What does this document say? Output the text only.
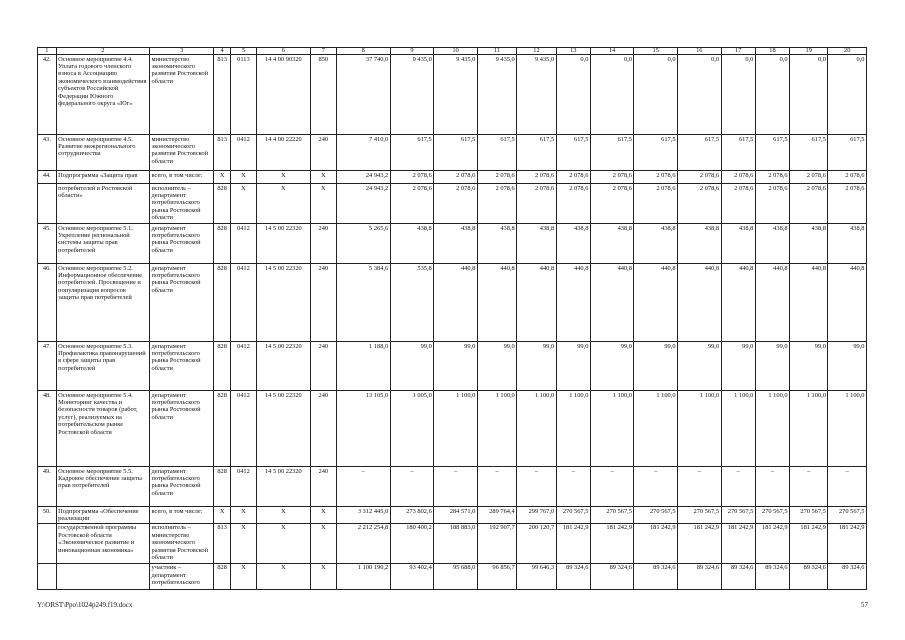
1	2	3	4	5	6	7	8	9	10	11	12	13	14	15	16	17	18	19	20
42.	Основное мероприятие 4.4. Уплата годового членского взноса в Ассоциацию экономического взаимодействия субъектов Российской Федерации Южного федерального округа «Юг»	министерство экономического развития Ростовской области	813	0113	14 4 00 90320	850	37 740,0	9 435,0	9 435,0	9 435,0	9 435,0	0,0	0,0	0,0	0,0	0,0	0,0	0,0	0,0
43.	Основное мероприятие 4.5. Развитие межрегионального сотрудничества	министерство экономического развития Ростовской области	813	0412	14 4 00 22220	240	7 410,0	617,5	617,5	617,5	617,5	617,5	617,5	617,5	617,5	617,5	617,5	617,5	617,5
44.	Подпрограмма «Защита прав	всего, в том числе:	Х	Х	Х	Х	24 943,2	2 078,6	2 078,6	2 078,6	2 078,6	2 078,6	2 078,6	2 078,6	2 078,6	2 078,6	2 078,6	2 078,6	2 078,6
	потребителей в Ростовской области»	исполнитель – департамент потребительского рынка Ростовской области	828	Х	Х	Х	24 943,2	2 078,6	2 078,6	2 078,6	2 078,6	2 078,6	2 078,6	2 078,6	2 078,6	2 078,6	2 078,6	2 078,6	2 078,6
45.	Основное мероприятие 5.1. Укрепление региональной системы защиты прав потребителей	департамент потребительского рынка Ростовской области	828	0412	14 5 00 22320	240	5 265,6	438,8	438,8	438,8	438,8	438,8	438,8	438,8	438,8	438,8	438,8	438,8	438,8
46.	Основное мероприятие 5.2. Информационное обеспечение потребителей. Просвещение и популяризация вопросов защиты прав потребителей	департамент потребительского рынка Ростовской области	828	0412	14 5 00 22320	240	5 384,6	535,8	440,8	440,8	440,8	440,8	440,8	440,8	440,8	440,8	440,8	440,8	440,8
47.	Основное мероприятие 5.3. Профилактика правонарушений в сфере защиты прав потребителей	департамент потребительского рынка Ростовской области	828	0412	14 5 00 22320	240	1 188,0	99,0	99,0	99,0	99,0	99,0	99,0	99,0	99,0	99,0	99,0	99,0	99,0
48.	Основное мероприятие 5.4. Мониторинг качества и безопасности товаров (работ, услуг), реализуемых на потребительском рынке Ростовской области	департамент потребительского рынка Ростовской области	828	0412	14 5 00 22320	240	13 105,0	1 005,0	1 100,0	1 100,0	1 100,0	1 100,0	1 100,0	1 100,0	1 100,0	1 100,0	1 100,0	1 100,0	1 100,0
49.	Основное мероприятие 5.5. Кадровое обеспечение защиты прав потребителей	департамент потребительского рынка Ростовской области	828	0412	14 5 00 22320	240	–	–	–	–	–	–	–	–	–	–	–	–	–
50.	Подпрограмма «Обеспечение реализации	всего, в том числе:	Х	Х	Х	Х	3 312 445,0	273 802,6	284 571,0	289 764,4	299 767,0	270 567,5	270 567,5	270 567,5	270 567,5	270 567,5	270 567,5	270 567,5	270 567,5
	государственной программы Ростовской области «Экономическое развитие и инновационная экономика»	исполнитель – министерство экономического развития Ростовской области	813	Х	Х	Х	2 212 254,8	180 400,2	188 883,0	192 907,7	200 120,7	181 242,9	181 242,9	181 242,9	181 242,9	181 242,9	181 242,9	181 242,9	181 242,9
		участник – департамент потребительского	828	Х	Х	Х	1 100 190,2	93 402,4	95 688,0	96 856,7	99 646,3	89 324,6	89 324,6	89 324,6	89 324,6	89 324,6	89 324,6	89 324,6	89 324,6
Y:\ORST\Ppo\1024p249.f19.docx	57
